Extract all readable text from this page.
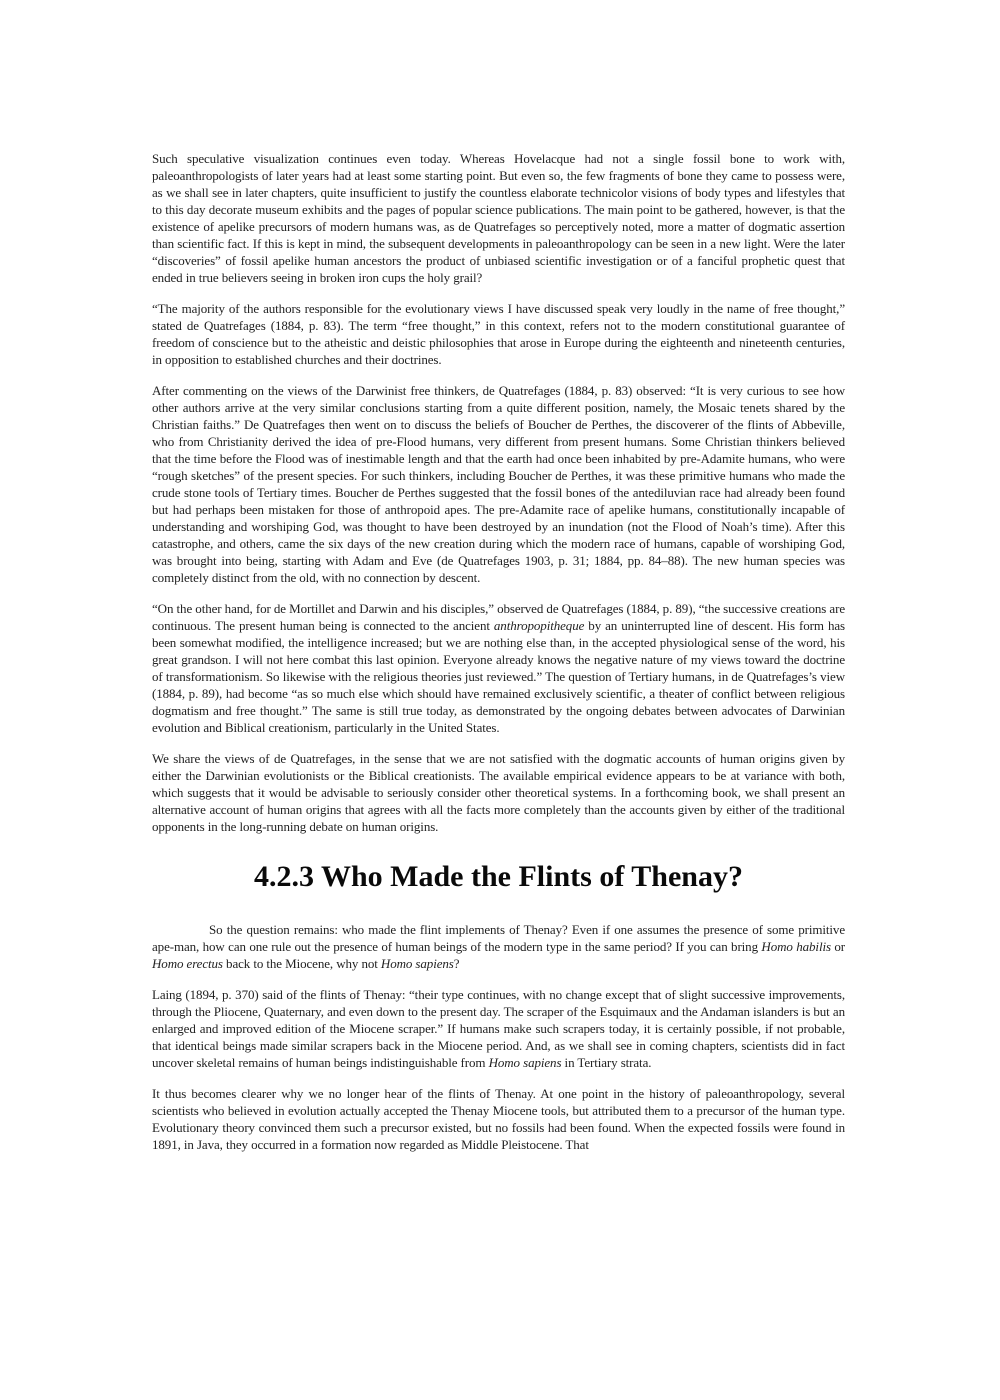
Such speculative visualization continues even today. Whereas Hovelacque had not a single fossil bone to work with, paleoanthropologists of later years had at least some starting point. But even so, the few fragments of bone they came to possess were, as we shall see in later chapters, quite insufficient to justify the countless elaborate technicolor visions of body types and lifestyles that to this day decorate museum exhibits and the pages of popular science publications. The main point to be gathered, however, is that the existence of apelike precursors of modern humans was, as de Quatrefages so perceptively noted, more a matter of dogmatic assertion than scientific fact. If this is kept in mind, the subsequent developments in paleoanthropology can be seen in a new light. Were the later “discoveries” of fossil apelike human ancestors the product of unbiased scientific investigation or of a fanciful prophetic quest that ended in true believers seeing in broken iron cups the holy grail?

“The majority of the authors responsible for the evolutionary views I have discussed speak very loudly in the name of free thought,” stated de Quatrefages (1884, p. 83). The term “free thought,” in this context, refers not to the modern constitutional guarantee of freedom of conscience but to the atheistic and deistic philosophies that arose in Europe during the eighteenth and nineteenth centuries, in opposition to established churches and their doctrines.

After commenting on the views of the Darwinist free thinkers, de Quatrefages (1884, p. 83) observed: “It is very curious to see how other authors arrive at the very similar conclusions starting from a quite different position, namely, the Mosaic tenets shared by the Christian faiths.” De Quatrefages then went on to discuss the beliefs of Boucher de Perthes, the discoverer of the flints of Abbeville, who from Christianity derived the idea of pre-Flood humans, very different from present humans. Some Christian thinkers believed that the time before the Flood was of inestimable length and that the earth had once been inhabited by pre-Adamite humans, who were “rough sketches” of the present species. For such thinkers, including Boucher de Perthes, it was these primitive humans who made the crude stone tools of Tertiary times. Boucher de Perthes suggested that the fossil bones of the antediluvian race had already been found but had perhaps been mistaken for those of anthropoid apes. The pre-Adamite race of apelike humans, constitutionally incapable of understanding and worshiping God, was thought to have been destroyed by an inundation (not the Flood of Noah’s time). After this catastrophe, and others, came the six days of the new creation during which the modern race of humans, capable of worshiping God, was brought into being, starting with Adam and Eve (de Quatrefages 1903, p. 31; 1884, pp. 84–88). The new human species was completely distinct from the old, with no connection by descent.

“On the other hand, for de Mortillet and Darwin and his disciples,” observed de Quatrefages (1884, p. 89), “the successive creations are continuous. The present human being is connected to the ancient anthropopitheque by an uninterrupted line of descent. His form has been somewhat modified, the intelligence increased; but we are nothing else than, in the accepted physiological sense of the word, his great grandson. I will not here combat this last opinion. Everyone already knows the negative nature of my views toward the doctrine of transformationism. So likewise with the religious theories just reviewed.” The question of Tertiary humans, in de Quatrefages’s view (1884, p. 89), had become “as so much else which should have remained exclusively scientific, a theater of conflict between religious dogmatism and free thought.” The same is still true today, as demonstrated by the ongoing debates between advocates of Darwinian evolution and Biblical creationism, particularly in the United States.

We share the views of de Quatrefages, in the sense that we are not satisfied with the dogmatic accounts of human origins given by either the Darwinian evolutionists or the Biblical creationists. The available empirical evidence appears to be at variance with both, which suggests that it would be advisable to seriously consider other theoretical systems. In a forthcoming book, we shall present an alternative account of human origins that agrees with all the facts more completely than the accounts given by either of the traditional opponents in the long-running debate on human origins.

4.2.3 Who Made the Flints of Thenay?

So the question remains: who made the flint implements of Thenay? Even if one assumes the presence of some primitive ape-man, how can one rule out the presence of human beings of the modern type in the same period? If you can bring Homo habilis or Homo erectus back to the Miocene, why not Homo sapiens?

Laing (1894, p. 370) said of the flints of Thenay: “their type continues, with no change except that of slight successive improvements, through the Pliocene, Quaternary, and even down to the present day. The scraper of the Esquimaux and the Andaman islanders is but an enlarged and improved edition of the Miocene scraper.” If humans make such scrapers today, it is certainly possible, if not probable, that identical beings made similar scrapers back in the Miocene period. And, as we shall see in coming chapters, scientists did in fact uncover skeletal remains of human beings indistinguishable from Homo sapiens in Tertiary strata.

It thus becomes clearer why we no longer hear of the flints of Thenay. At one point in the history of paleoanthropology, several scientists who believed in evolution actually accepted the Thenay Miocene tools, but attributed them to a precursor of the human type. Evolutionary theory convinced them such a precursor existed, but no fossils had been found. When the expected fossils were found in 1891, in Java, they occurred in a formation now regarded as Middle Pleistocene. That
